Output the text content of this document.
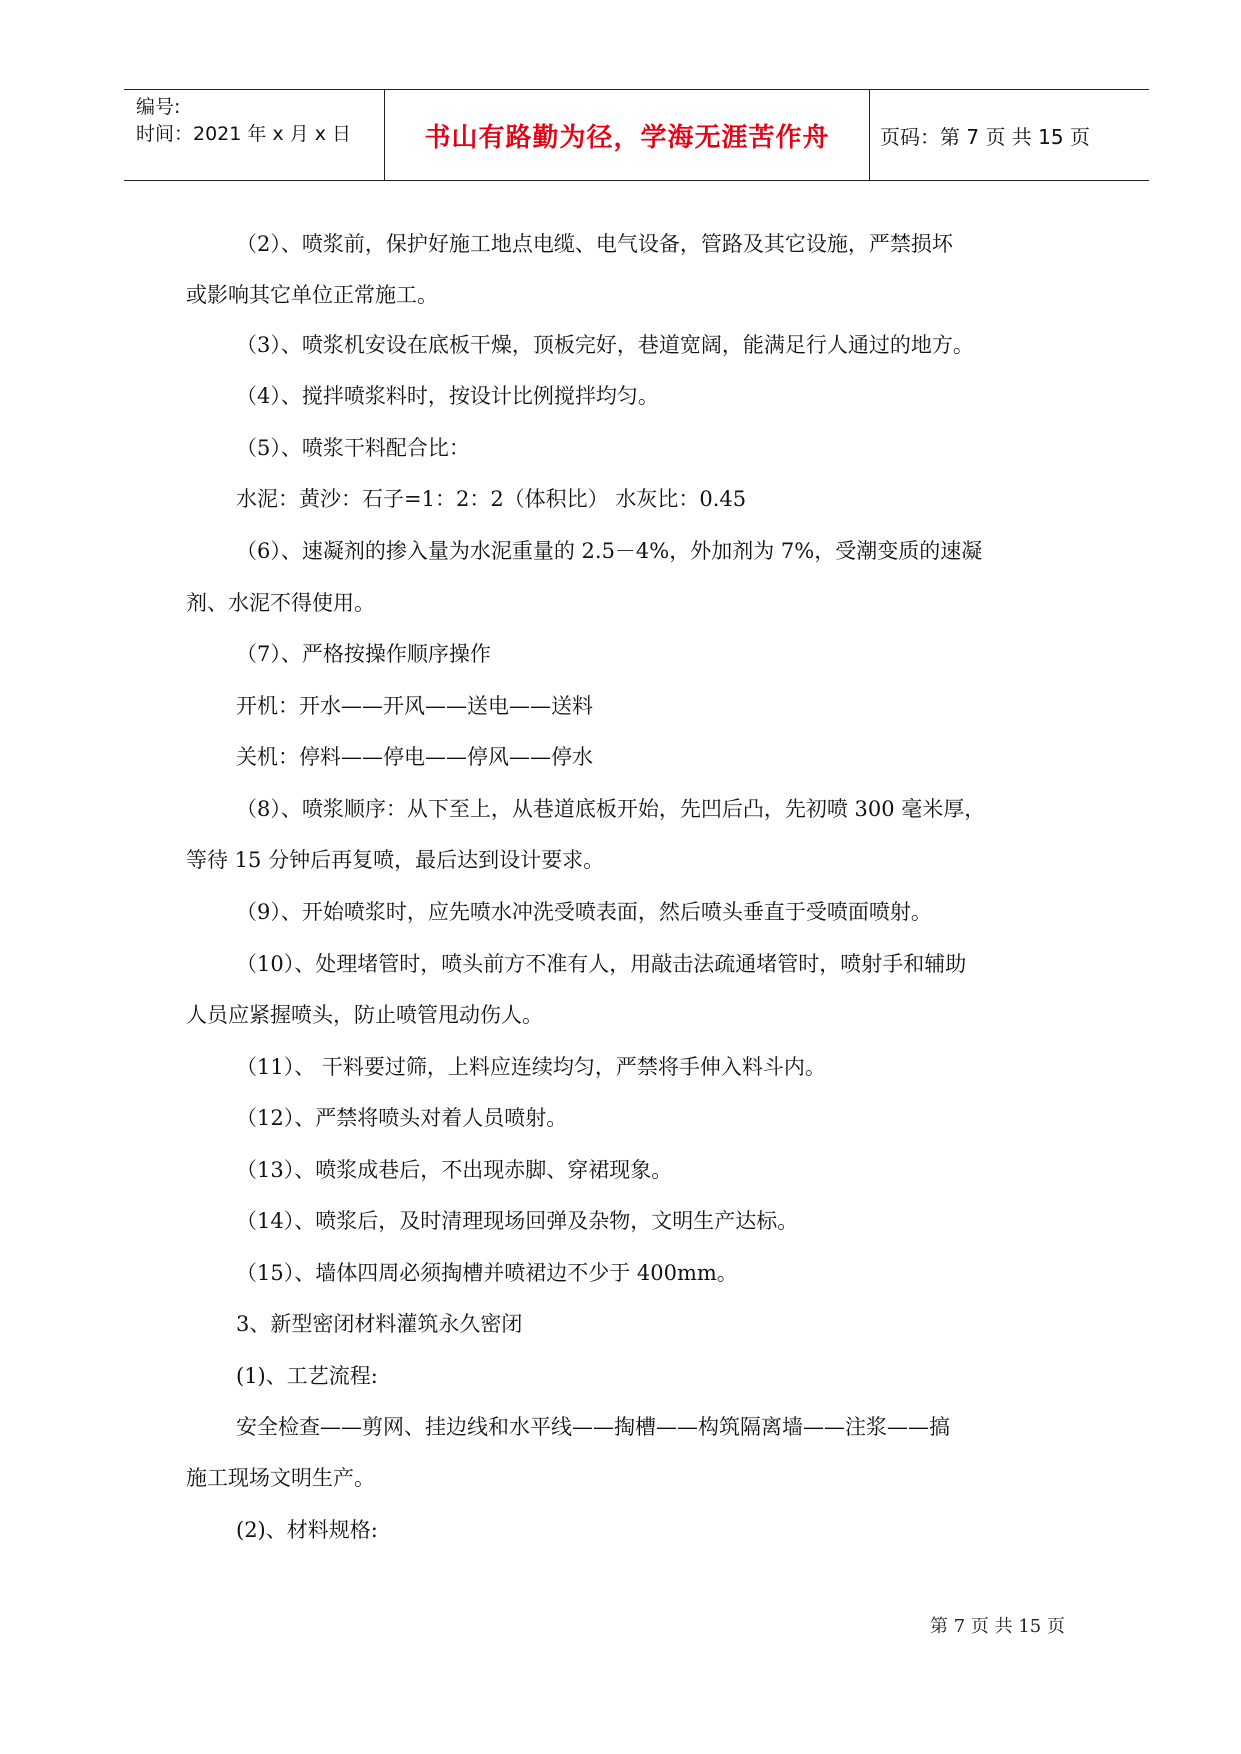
编号:
时间：2021 年 x 月 x 日	书山有路勤为径，学海无涯苦作舟	页码：第 7 页 共 15 页

（2）、喷浆前，保护好施工地点电缆、电气设备，管路及其它设施，严禁损坏

或影响其它单位正常施工。

（3）、喷浆机安设在底板干燥，顶板完好，巷道宽阔，能满足行人通过的地方。

（4）、搅拌喷浆料时，按设计比例搅拌均匀。

（5）、喷浆干料配合比：

水泥：黄沙：石子=1：2：2（体积比） 水灰比：0.45

（6）、速凝剂的掺入量为水泥重量的 2.5－4%，外加剂为 7%，受潮变质的速凝

剂、水泥不得使用。

（7）、严格按操作顺序操作

开机：开水——开风——送电——送料

关机：停料——停电——停风——停水

（8）、喷浆顺序：从下至上，从巷道底板开始，先凹后凸，先初喷 300 毫米厚，

等待 15 分钟后再复喷，最后达到设计要求。

（9）、开始喷浆时，应先喷水冲洗受喷表面，然后喷头垂直于受喷面喷射。

（10）、处理堵管时，喷头前方不准有人，用敲击法疏通堵管时，喷射手和辅助

人员应紧握喷头，防止喷管甩动伤人。

（11）、 干料要过筛，上料应连续均匀，严禁将手伸入料斗内。

（12）、严禁将喷头对着人员喷射。

（13）、喷浆成巷后，不出现赤脚、穿裙现象。

（14）、喷浆后，及时清理现场回弹及杂物，文明生产达标。

（15）、墙体四周必须掏槽并喷裙边不少于 400mm。

3、新型密闭材料灌筑永久密闭

(1)、工艺流程:

安全检查——剪网、挂边线和水平线——掏槽——构筑隔离墙——注浆——搞

施工现场文明生产。

(2)、材料规格:

第 7 页 共 15 页
